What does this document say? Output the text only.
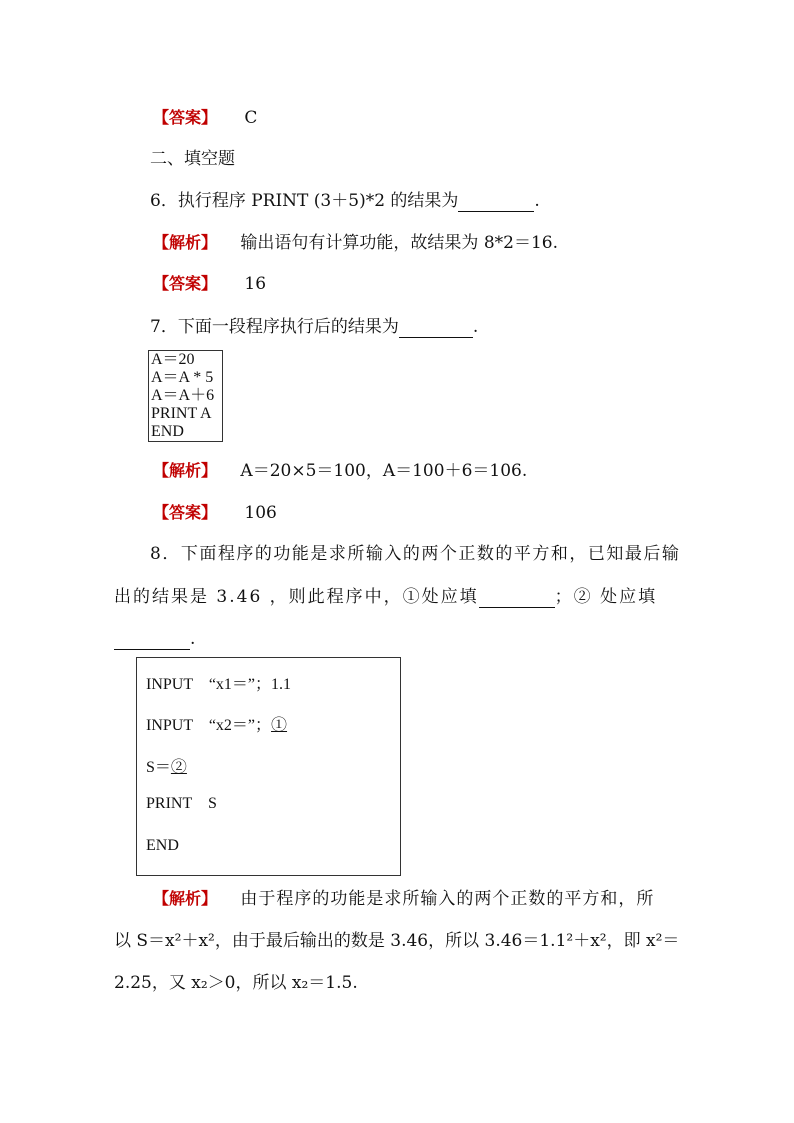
【答案】 C
二、填空题
6．执行程序 PRINT (3＋5)*2 的结果为	.
【解析】 输出语句有计算功能，故结果为 8*2＝16.
【答案】 16
7．下面一段程序执行后的结果为	.
A＝20
A＝A * 5
A＝A＋6
PRINT A
END
【解析】 A＝20×5＝100，A＝100＋6＝106.
【答案】 106
8．下面程序的功能是求所输入的两个正数的平方和，已知最后输
出的结果是 3.46 ，则此程序中，①处应填	；② 处应填
.
INPUT    “x1＝”；1.1
INPUT    “x2＝”；①
S＝②
PRINT    S
END
【解析】 由于程序的功能是求所输入的两个正数的平方和，所
以 S＝x²＋x²，由于最后输出的数是 3.46，所以 3.46＝1.1²＋x²，即 x²＝
2.25，又 x₂＞0，所以 x₂＝1.5.
